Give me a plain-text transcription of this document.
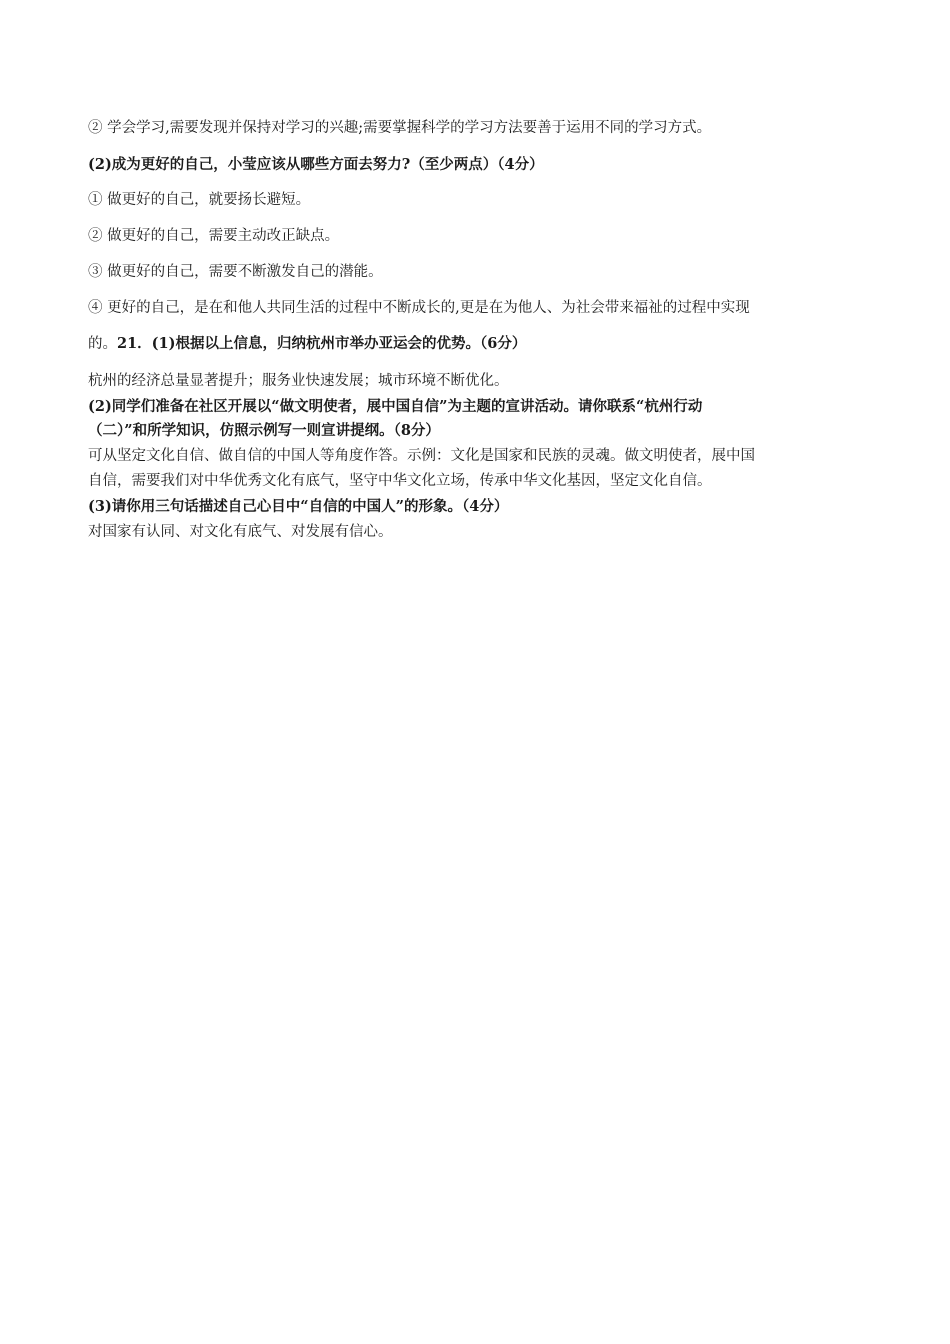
② 学会学习,需要发现并保持对学习的兴趣;需要掌握科学的学习方法要善于运用不同的学习方式。
(2)成为更好的自己，小莹应该从哪些方面去努力?（至少两点）（4分）
① 做更好的自己，就要扬长避短。
② 做更好的自己，需要主动改正缺点。
③ 做更好的自己，需要不断激发自己的潜能。
④ 更好的自己，是在和他人共同生活的过程中不断成长的,更是在为他人、为社会带来福祉的过程中实现
的。21．(1)根据以上信息，归纳杭州市举办亚运会的优势。（6分）
杭州的经济总量显著提升；服务业快速发展；城市环境不断优化。
(2)同学们准备在社区开展以“做文明使者，展中国自信”为主题的宣讲活动。请你联系“杭州行动
（二）”和所学知识，仿照示例写一则宣讲提纲。（8分）
可从坚定文化自信、做自信的中国人等角度作答。示例：文化是国家和民族的灵魂。做文明使者，展中国
自信，需要我们对中华优秀文化有底气，坚守中华文化立场，传承中华文化基因，坚定文化自信。
(3)请你用三句话描述自己心目中“自信的中国人”的形象。（4分）
对国家有认同、对文化有底气、对发展有信心。
